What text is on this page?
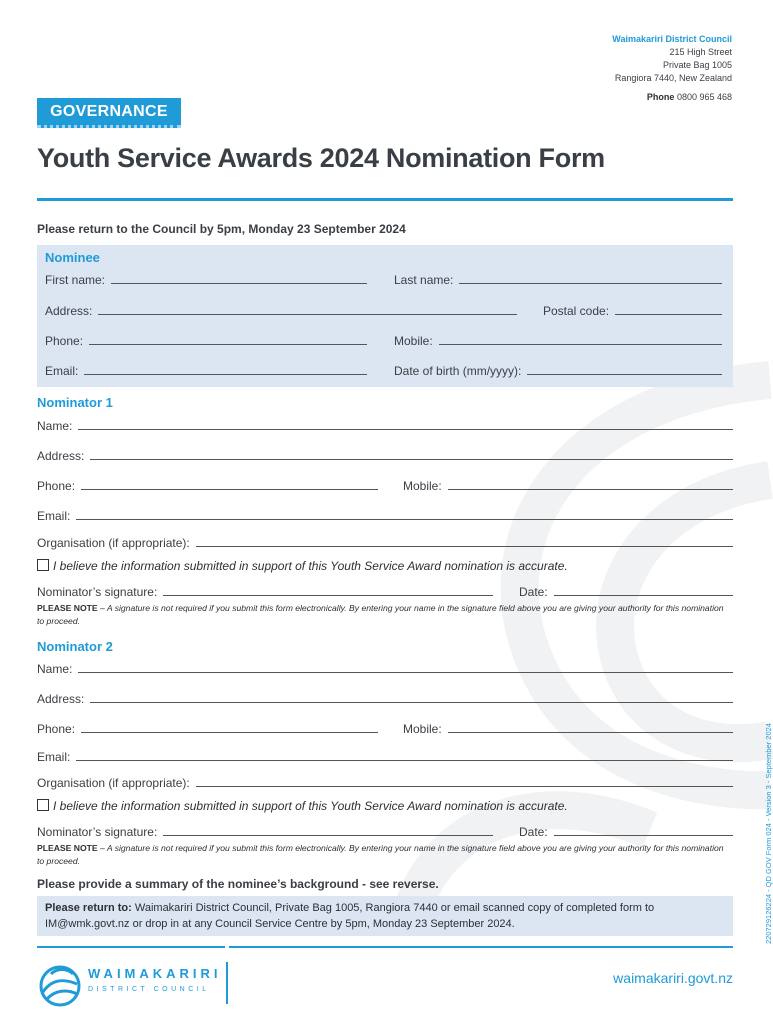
Waimakariri District Council
215 High Street
Private Bag 1005
Rangiora 7440, New Zealand
Phone 0800 965 468
GOVERNANCE
Youth Service Awards 2024 Nomination Form
Please return to the Council by 5pm, Monday 23 September 2024
Nominee
First name:	Last name:
Address:	Postal code:
Phone:	Mobile:
Email:	Date of birth (mm/yyyy):
Nominator 1
Name:
Address:
Phone:	Mobile:
Email:
Organisation (if appropriate):
I believe the information submitted in support of this Youth Service Award nomination is accurate.
Nominator’s signature:	Date:
PLEASE NOTE – A signature is not required if you submit this form electronically. By entering your name in the signature field above you are giving your authority for this nomination to proceed.
Nominator 2
Name:
Address:
Phone:	Mobile:
Email:
Organisation (if appropriate):
I believe the information submitted in support of this Youth Service Award nomination is accurate.
Nominator’s signature:	Date:
PLEASE NOTE – A signature is not required if you submit this form electronically. By entering your name in the signature field above you are giving your authority for this nomination to proceed.
Please provide a summary of the nominee’s background - see reverse.
Please return to: Waimakariri District Council, Private Bag 1005, Rangiora 7440 or email scanned copy of completed form to IM@wmk.govt.nz or drop in at any Council Service Centre by 5pm, Monday 23 September 2024.
WAIMAKARIRI
DISTRICT COUNCIL
waimakariri.govt.nz
220729126224 - QD GOV Form 024 - Version 3 - September 2024
